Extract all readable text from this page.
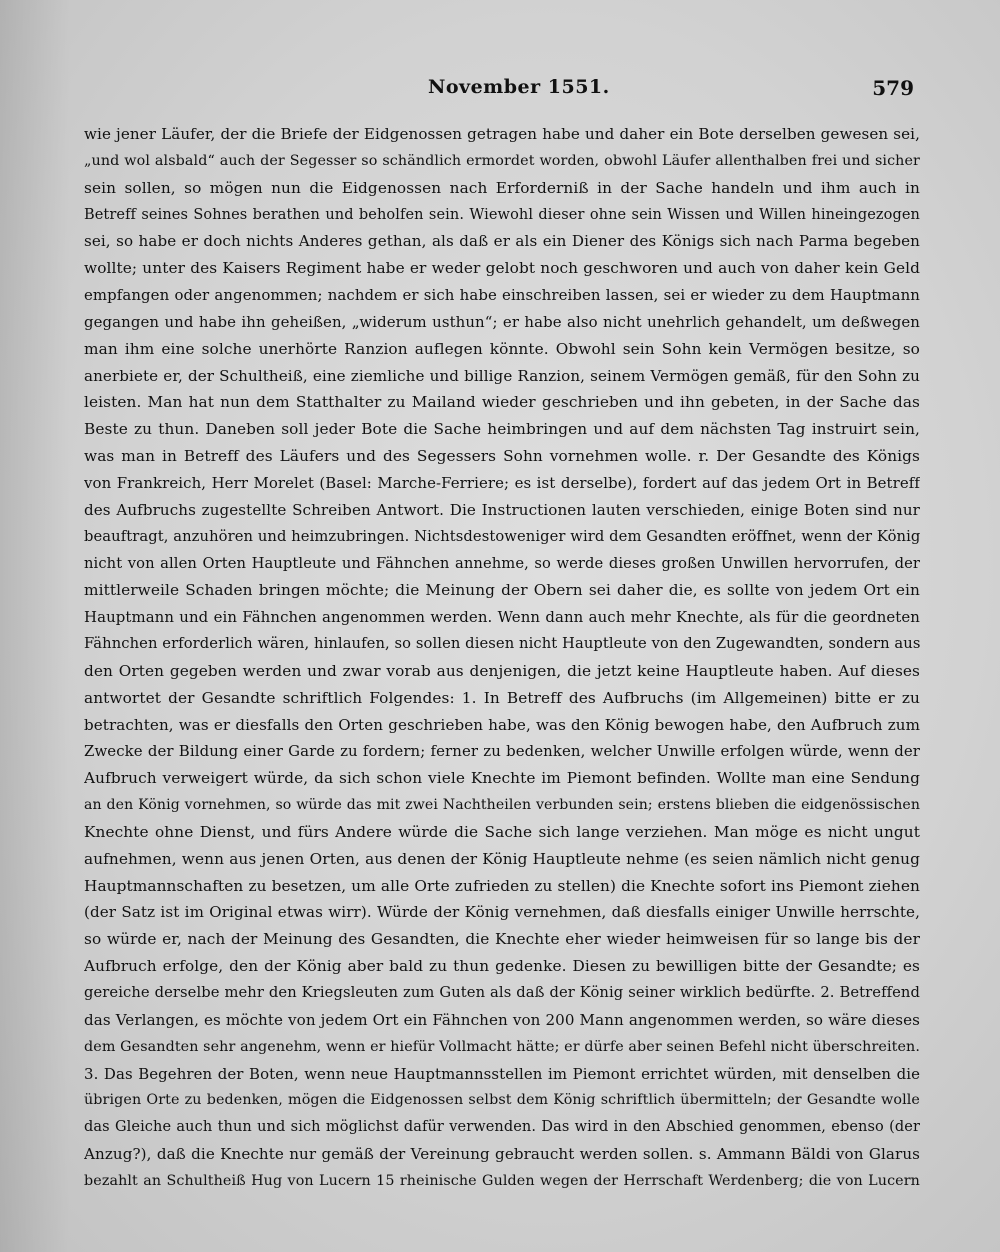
November 1551.	579
wie jener Läufer, der die Briefe der Eidgenossen getragen habe und daher ein Bote derselben gewesen sei,
„und wol alsbald“ auch der Segesser so schändlich ermordet worden, obwohl Läufer allenthalben frei und sicher
sein sollen, so mögen nun die Eidgenossen nach Erforderniß in der Sache handeln und ihm auch in
Betreff seines Sohnes berathen und beholfen sein. Wiewohl dieser ohne sein Wissen und Willen hineingezogen
sei, so habe er doch nichts Anderes gethan, als daß er als ein Diener des Königs sich nach Parma begeben
wollte; unter des Kaisers Regiment habe er weder gelobt noch geschworen und auch von daher kein Geld
empfangen oder angenommen; nachdem er sich habe einschreiben lassen, sei er wieder zu dem Hauptmann
gegangen und habe ihn geheißen, „widerum usthun“; er habe also nicht unehrlich gehandelt, um deßwegen
man ihm eine solche unerhörte Ranzion auflegen könnte. Obwohl sein Sohn kein Vermögen besitze, so
anerbiete er, der Schultheiß, eine ziemliche und billige Ranzion, seinem Vermögen gemäß, für den Sohn zu
leisten. Man hat nun dem Statthalter zu Mailand wieder geschrieben und ihn gebeten, in der Sache das
Beste zu thun. Daneben soll jeder Bote die Sache heimbringen und auf dem nächsten Tag instruirt sein,
was man in Betreff des Läufers und des Segessers Sohn vornehmen wolle. r. Der Gesandte des Königs
von Frankreich, Herr Morelet (Basel: Marche-Ferriere; es ist derselbe), fordert auf das jedem Ort in Betreff
des Aufbruchs zugestellte Schreiben Antwort. Die Instructionen lauten verschieden, einige Boten sind nur
beauftragt, anzuhören und heimzubringen. Nichtsdestoweniger wird dem Gesandten eröffnet, wenn der König
nicht von allen Orten Hauptleute und Fähnchen annehme, so werde dieses großen Unwillen hervorrufen, der
mittlerweile Schaden bringen möchte; die Meinung der Obern sei daher die, es sollte von jedem Ort ein
Hauptmann und ein Fähnchen angenommen werden. Wenn dann auch mehr Knechte, als für die geordneten
Fähnchen erforderlich wären, hinlaufen, so sollen diesen nicht Hauptleute von den Zugewandten, sondern aus
den Orten gegeben werden und zwar vorab aus denjenigen, die jetzt keine Hauptleute haben. Auf dieses
antwortet der Gesandte schriftlich Folgendes: 1. In Betreff des Aufbruchs (im Allgemeinen) bitte er zu
betrachten, was er diesfalls den Orten geschrieben habe, was den König bewogen habe, den Aufbruch zum
Zwecke der Bildung einer Garde zu fordern; ferner zu bedenken, welcher Unwille erfolgen würde, wenn der
Aufbruch verweigert würde, da sich schon viele Knechte im Piemont befinden. Wollte man eine Sendung
an den König vornehmen, so würde das mit zwei Nachtheilen verbunden sein; erstens blieben die eidgenössischen
Knechte ohne Dienst, und fürs Andere würde die Sache sich lange verziehen. Man möge es nicht ungut
aufnehmen, wenn aus jenen Orten, aus denen der König Hauptleute nehme (es seien nämlich nicht genug
Hauptmannschaften zu besetzen, um alle Orte zufrieden zu stellen) die Knechte sofort ins Piemont ziehen
(der Satz ist im Original etwas wirr). Würde der König vernehmen, daß diesfalls einiger Unwille herrschte,
so würde er, nach der Meinung des Gesandten, die Knechte eher wieder heimweisen für so lange bis der
Aufbruch erfolge, den der König aber bald zu thun gedenke. Diesen zu bewilligen bitte der Gesandte; es
gereiche derselbe mehr den Kriegsleuten zum Guten als daß der König seiner wirklich bedürfte. 2. Betreffend
das Verlangen, es möchte von jedem Ort ein Fähnchen von 200 Mann angenommen werden, so wäre dieses
dem Gesandten sehr angenehm, wenn er hiefür Vollmacht hätte; er dürfe aber seinen Befehl nicht überschreiten.
3. Das Begehren der Boten, wenn neue Hauptmannsstellen im Piemont errichtet würden, mit denselben die
übrigen Orte zu bedenken, mögen die Eidgenossen selbst dem König schriftlich übermitteln; der Gesandte wolle
das Gleiche auch thun und sich möglichst dafür verwenden. Das wird in den Abschied genommen, ebenso (der
Anzug?), daß die Knechte nur gemäß der Vereinung gebraucht werden sollen. s. Ammann Bäldi von Glarus
bezahlt an Schultheiß Hug von Lucern 15 rheinische Gulden wegen der Herrschaft Werdenberg; die von Lucern
